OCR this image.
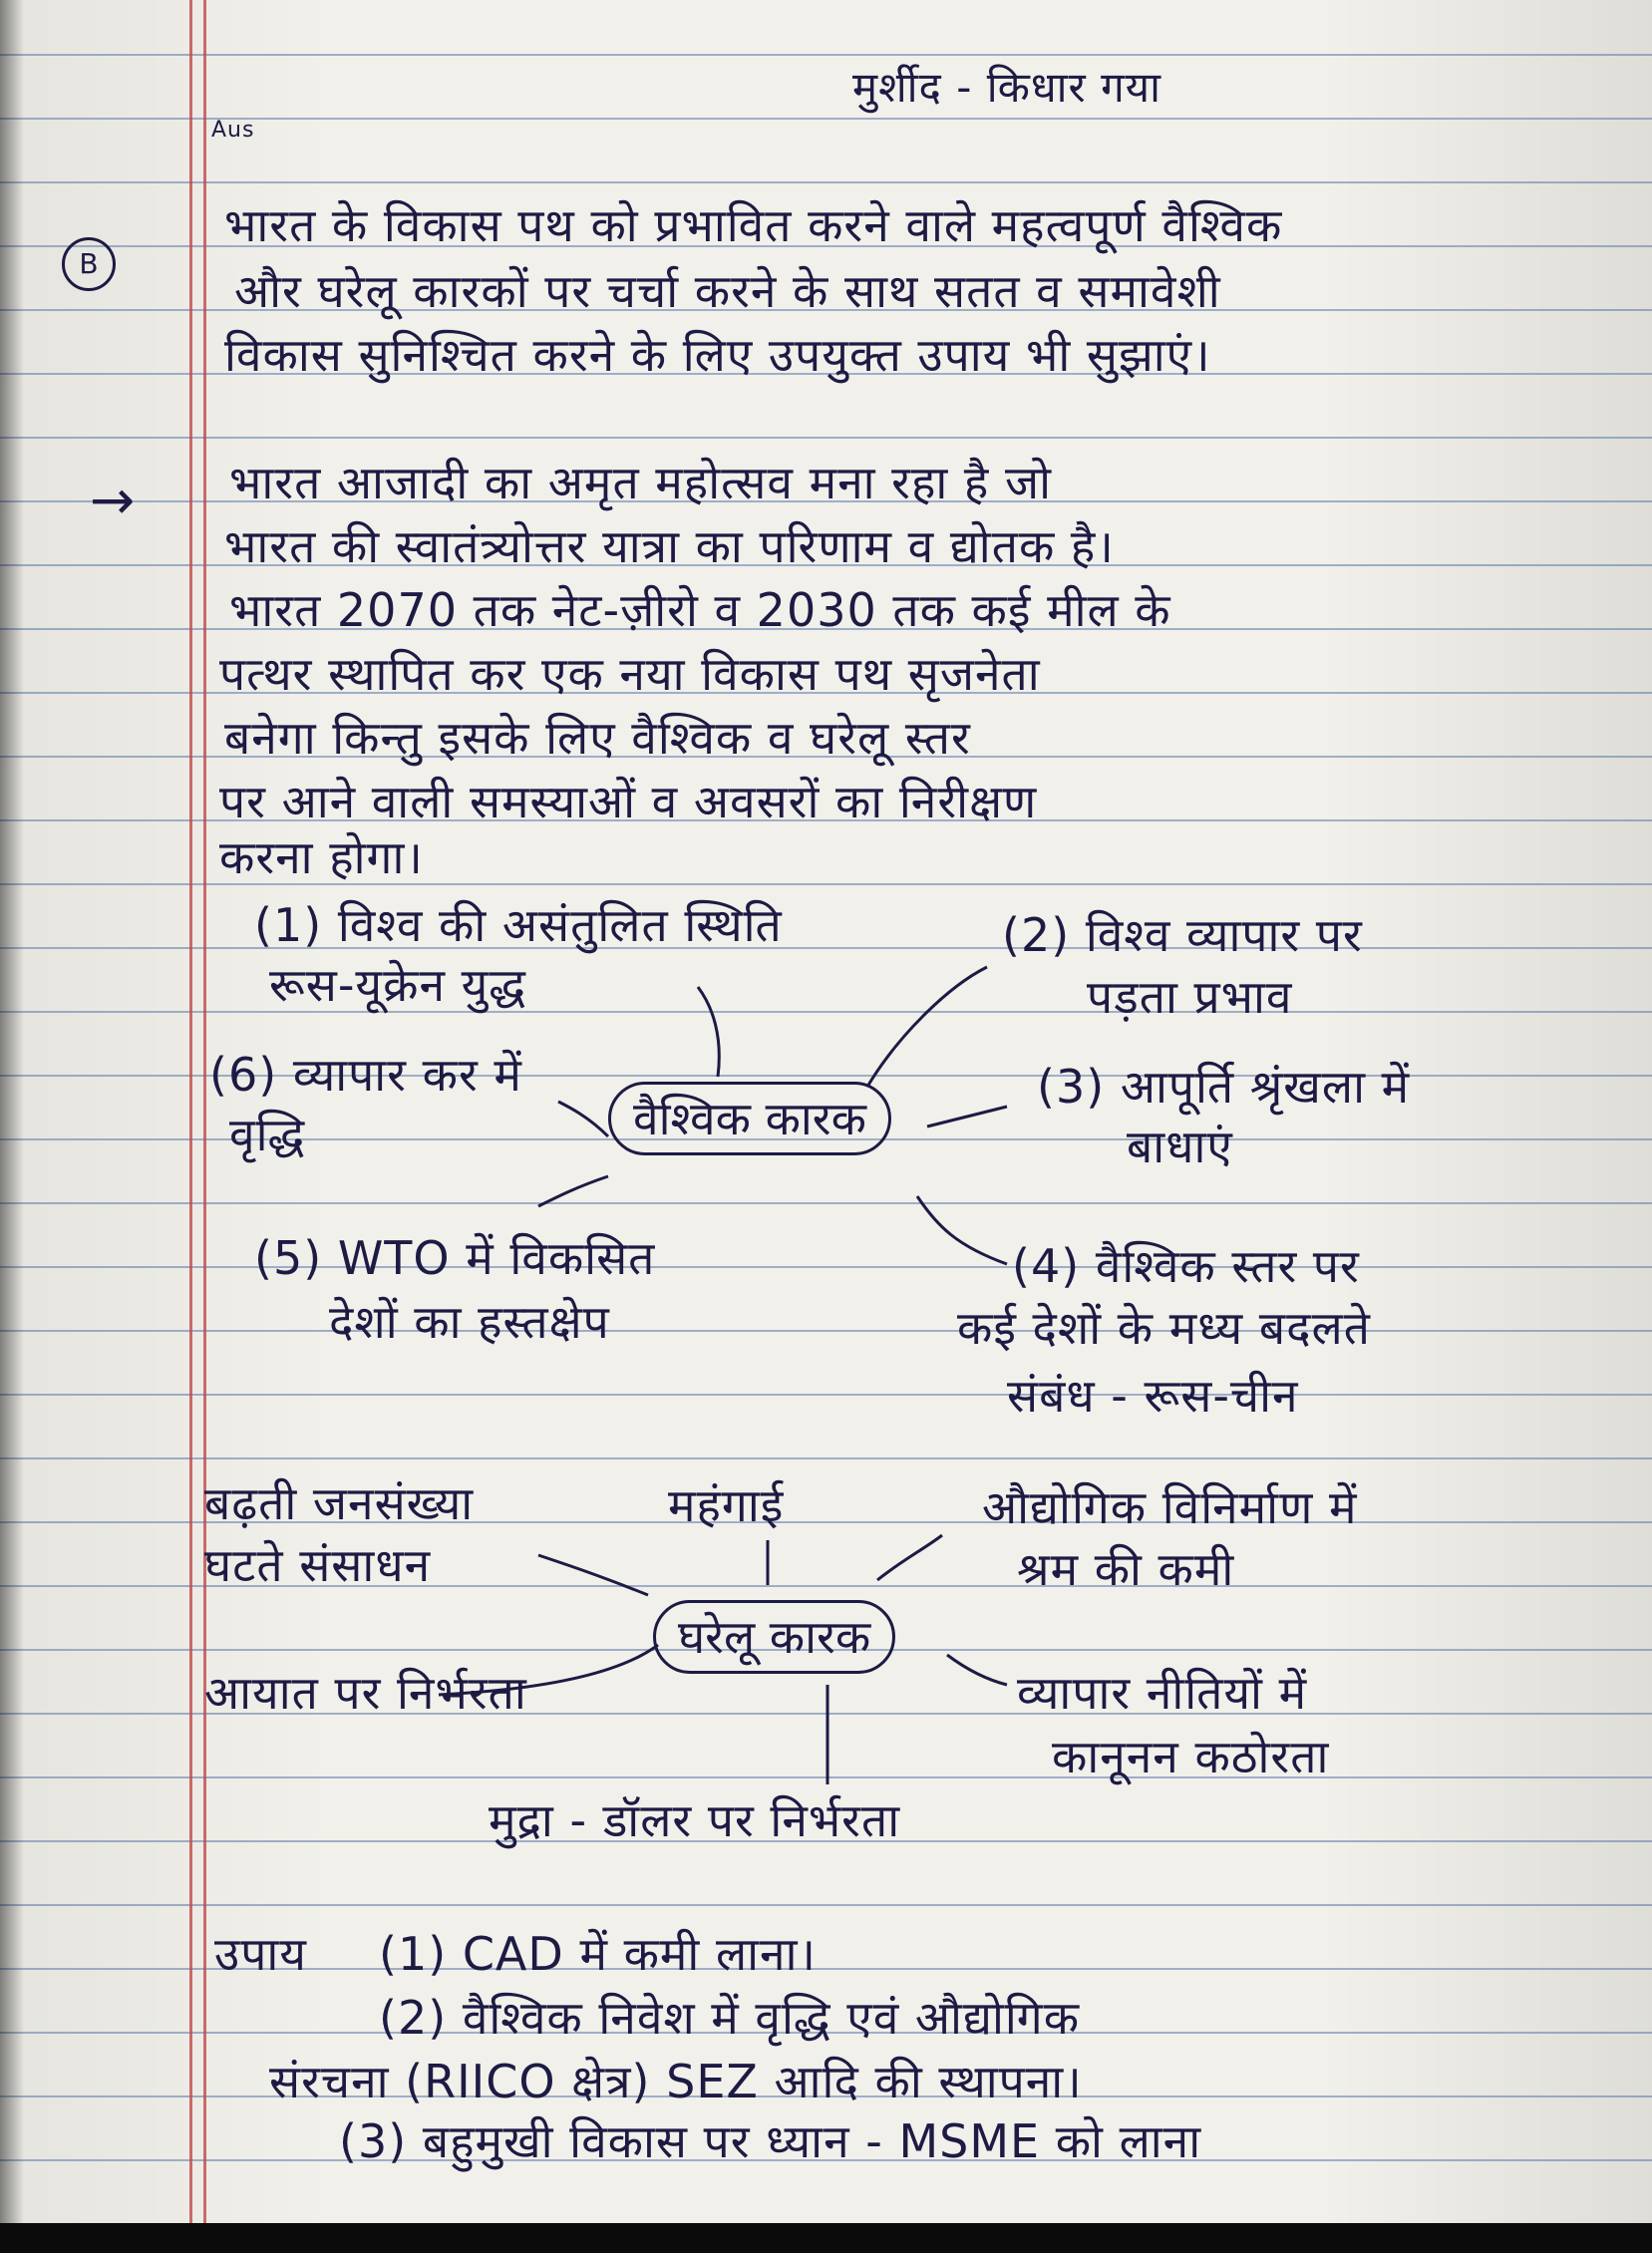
Aus
मुर्शीद - किधार गया
B
भारत के विकास पथ को प्रभावित करने वाले महत्वपूर्ण वैश्विक
और घरेलू कारकों पर चर्चा करने के साथ सतत व समावेशी
विकास सुनिश्चित करने के लिए उपयुक्त उपाय भी सुझाएं।
→ भारत आजादी का अमृत महोत्सव मना रहा है जो
भारत की स्वातंत्र्योत्तर यात्रा का परिणाम व द्योतक है।
भारत 2070 तक नेट-ज़ीरो व 2030 तक कई मील के
पत्थर स्थापित कर एक नया विकास पथ सृजनेता
बनेगा किन्तु इसके लिए वैश्विक व घरेलू स्तर
पर आने वाली समस्याओं व अवसरों का निरीक्षण
करना होगा।
वैश्विक कारक
(1) विश्व की असंतुलित स्थिति
रूस-यूक्रेन युद्ध
(2) विश्व व्यापार पर
पड़ता प्रभाव
(3) आपूर्ति श्रृंखला में
बाधाएं
(4) वैश्विक स्तर पर
कई देशों के मध्य बदलते
संबंध - रूस-चीन
(5) WTO में विकसित
देशों का हस्तक्षेप
(6) व्यापार कर में
वृद्धि
घरेलू कारक
बढ़ती जनसंख्या
घटते संसाधन
महंगाई	औद्योगिक विनिर्माण में
श्रम की कमी
आयात पर निर्भरता	व्यापार नीतियों में
कानूनन कठोरता
मुद्रा - डॉलर पर निर्भरता
उपाय (1) CAD में कमी लाना।
(2) वैश्विक निवेश में वृद्धि एवं औद्योगिक
संरचना (RIICO क्षेत्र) SEZ आदि की स्थापना।
(3) बहुमुखी विकास पर ध्यान - MSME को लाना
